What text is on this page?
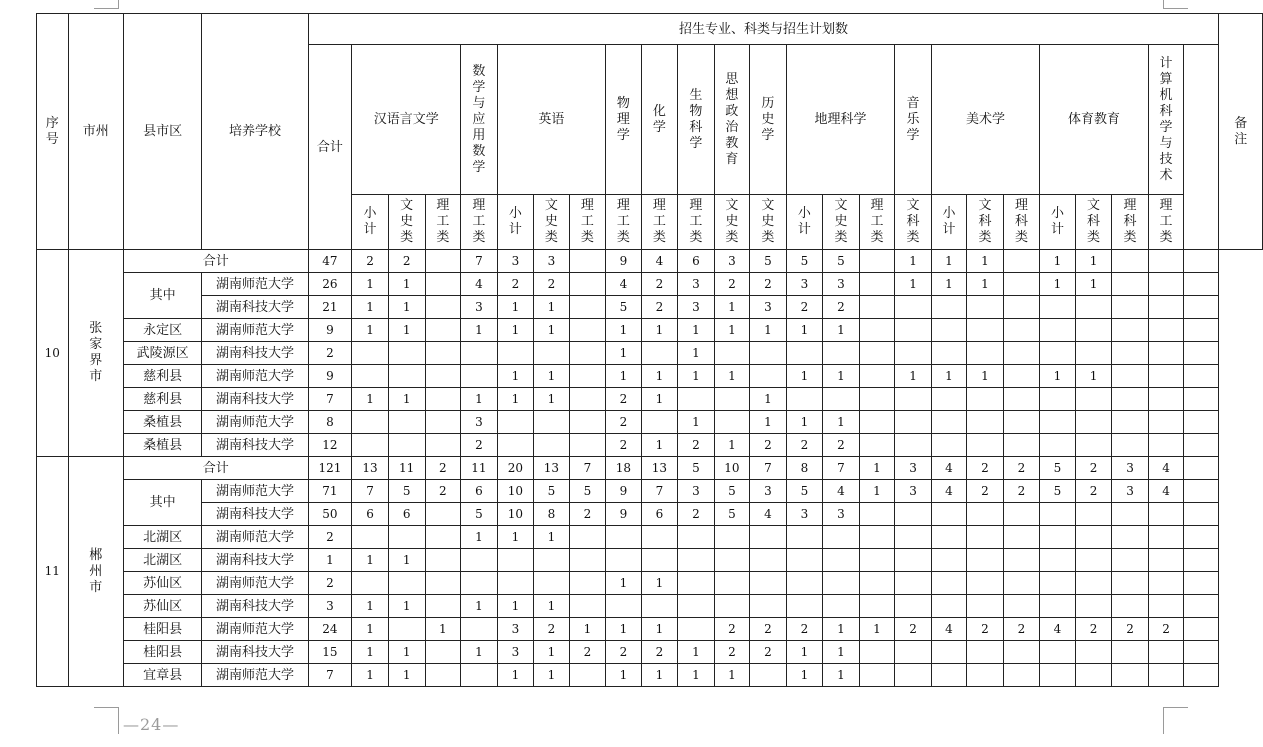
序号	市州	县市区	培养学校	招生专业、科类与招生计划数																									备注
				合计	汉语言文学			数学与应用数学	英语			物理学	化学	生物科学	思想政治教育	历史学	地理科学			音乐学	美术学			体育教育			计算机科学与技术		
					小计	文史类	理工类	理工类	小计	文史类	理工类	理工类	理工类	理工类	文史类	文史类	小计	文史类	理工类	文科类	小计	文科类	理科类	小计	文科类	理科类	理工类		
10	张家界市	合计		47	2	2		7	3	3		9	4	6	3	5	5	5		1	1	1		1	1				
		其中	湖南师范大学	26	1	1		4	2	2		4	2	3	2	2	3	3		1	1	1		1	1				
			湖南科技大学	21	1	1		3	1	1		5	2	3	1	3	2	2											
		永定区	湖南师范大学	9	1	1		1	1	1		1	1	1	1	1	1	1											
		武陵源区	湖南科技大学	2								1		1															
		慈利县	湖南师范大学	9					1	1		1	1	1	1		1	1		1	1	1		1	1				
		慈利县	湖南科技大学	7	1	1		1	1	1		2	1			1													
		桑植县	湖南师范大学	8				3				2		1		1	1	1											
		桑植县	湖南科技大学	12				2				2	1	2	1	2	2	2											
11	郴州市	合计		121	13	11	2	11	20	13	7	18	13	5	10	7	8	7	1	3	4	2	2	5	2	3	4		
		其中	湖南师范大学	71	7	5	2	6	10	5	5	9	7	3	5	3	5	4	1	3	4	2	2	5	2	3	4		
			湖南科技大学	50	6	6		5	10	8	2	9	6	2	5	4	3	3											
		北湖区	湖南师范大学	2				1	1	1																			
		北湖区	湖南科技大学	1	1	1																							
		苏仙区	湖南师范大学	2								1	1																
		苏仙区	湖南科技大学	3	1	1		1	1	1																			
		桂阳县	湖南师范大学	24	1		1		3	2	1	1	1		2	2	2	1	1	2	4	2	2	4	2	2	2		
		桂阳县	湖南科技大学	15	1	1		1	3	1	2	2	2	1	2	2	1	1											
		宜章县	湖南师范大学	7	1	1			1	1		1	1	1	1		1	1											
—24—
